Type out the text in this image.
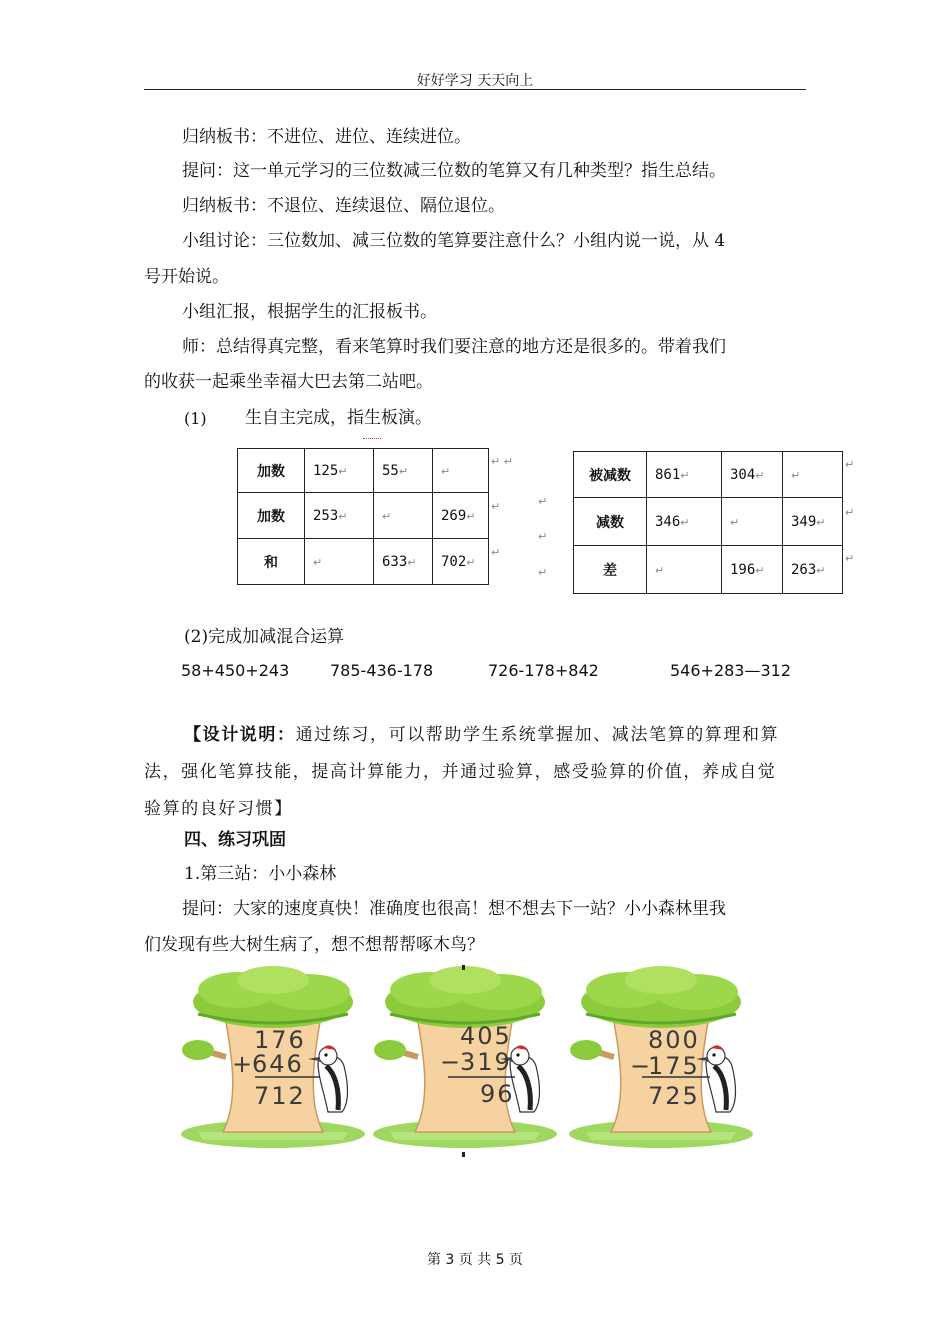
好好学习 天天向上
归纳板书：不进位、进位、连续进位。
提问：这一单元学习的三位数减三位数的笔算又有几种类型？指生总结。
归纳板书：不退位、连续退位、隔位退位。
小组讨论：三位数加、减三位数的笔算要注意什么？小组内说一说，从 4
号开始说。
小组汇报，根据学生的汇报板书。
师：总结得真完整，看来笔算时我们要注意的地方还是很多的。带着我们
的收获一起乘坐幸福大巴去第二站吧。
(1) 生自主完成，指生板演。
加数	125↵	55↵	↵
加数	253↵	↵	269↵
和	↵	633↵	702↵
被减数	861↵	304↵	↵
减数	346↵	↵	349↵
差	↵	196↵	263↵
↵ ↵
↵
↵
↵
↵
↵
↵
↵
↵
(2)完成加减混合运算
58+450+243	785-436-178	726-178+842	546+283—312
【设计说明：通过练习，可以帮助学生系统掌握加、减法笔算的算理和算
法，强化笔算技能，提高计算能力，并通过验算，感受验算的价值，养成自觉
验算的良好习惯】
四、练习巩固
1.第三站：小小森林
提问：大家的速度真快！准确度也很高！想不想去下一站？小小森林里我
们发现有些大树生病了，想不想帮帮啄木鸟？
176
+
646
712
405
−
319
96
800
−
175
725
第 3 页 共 5 页
